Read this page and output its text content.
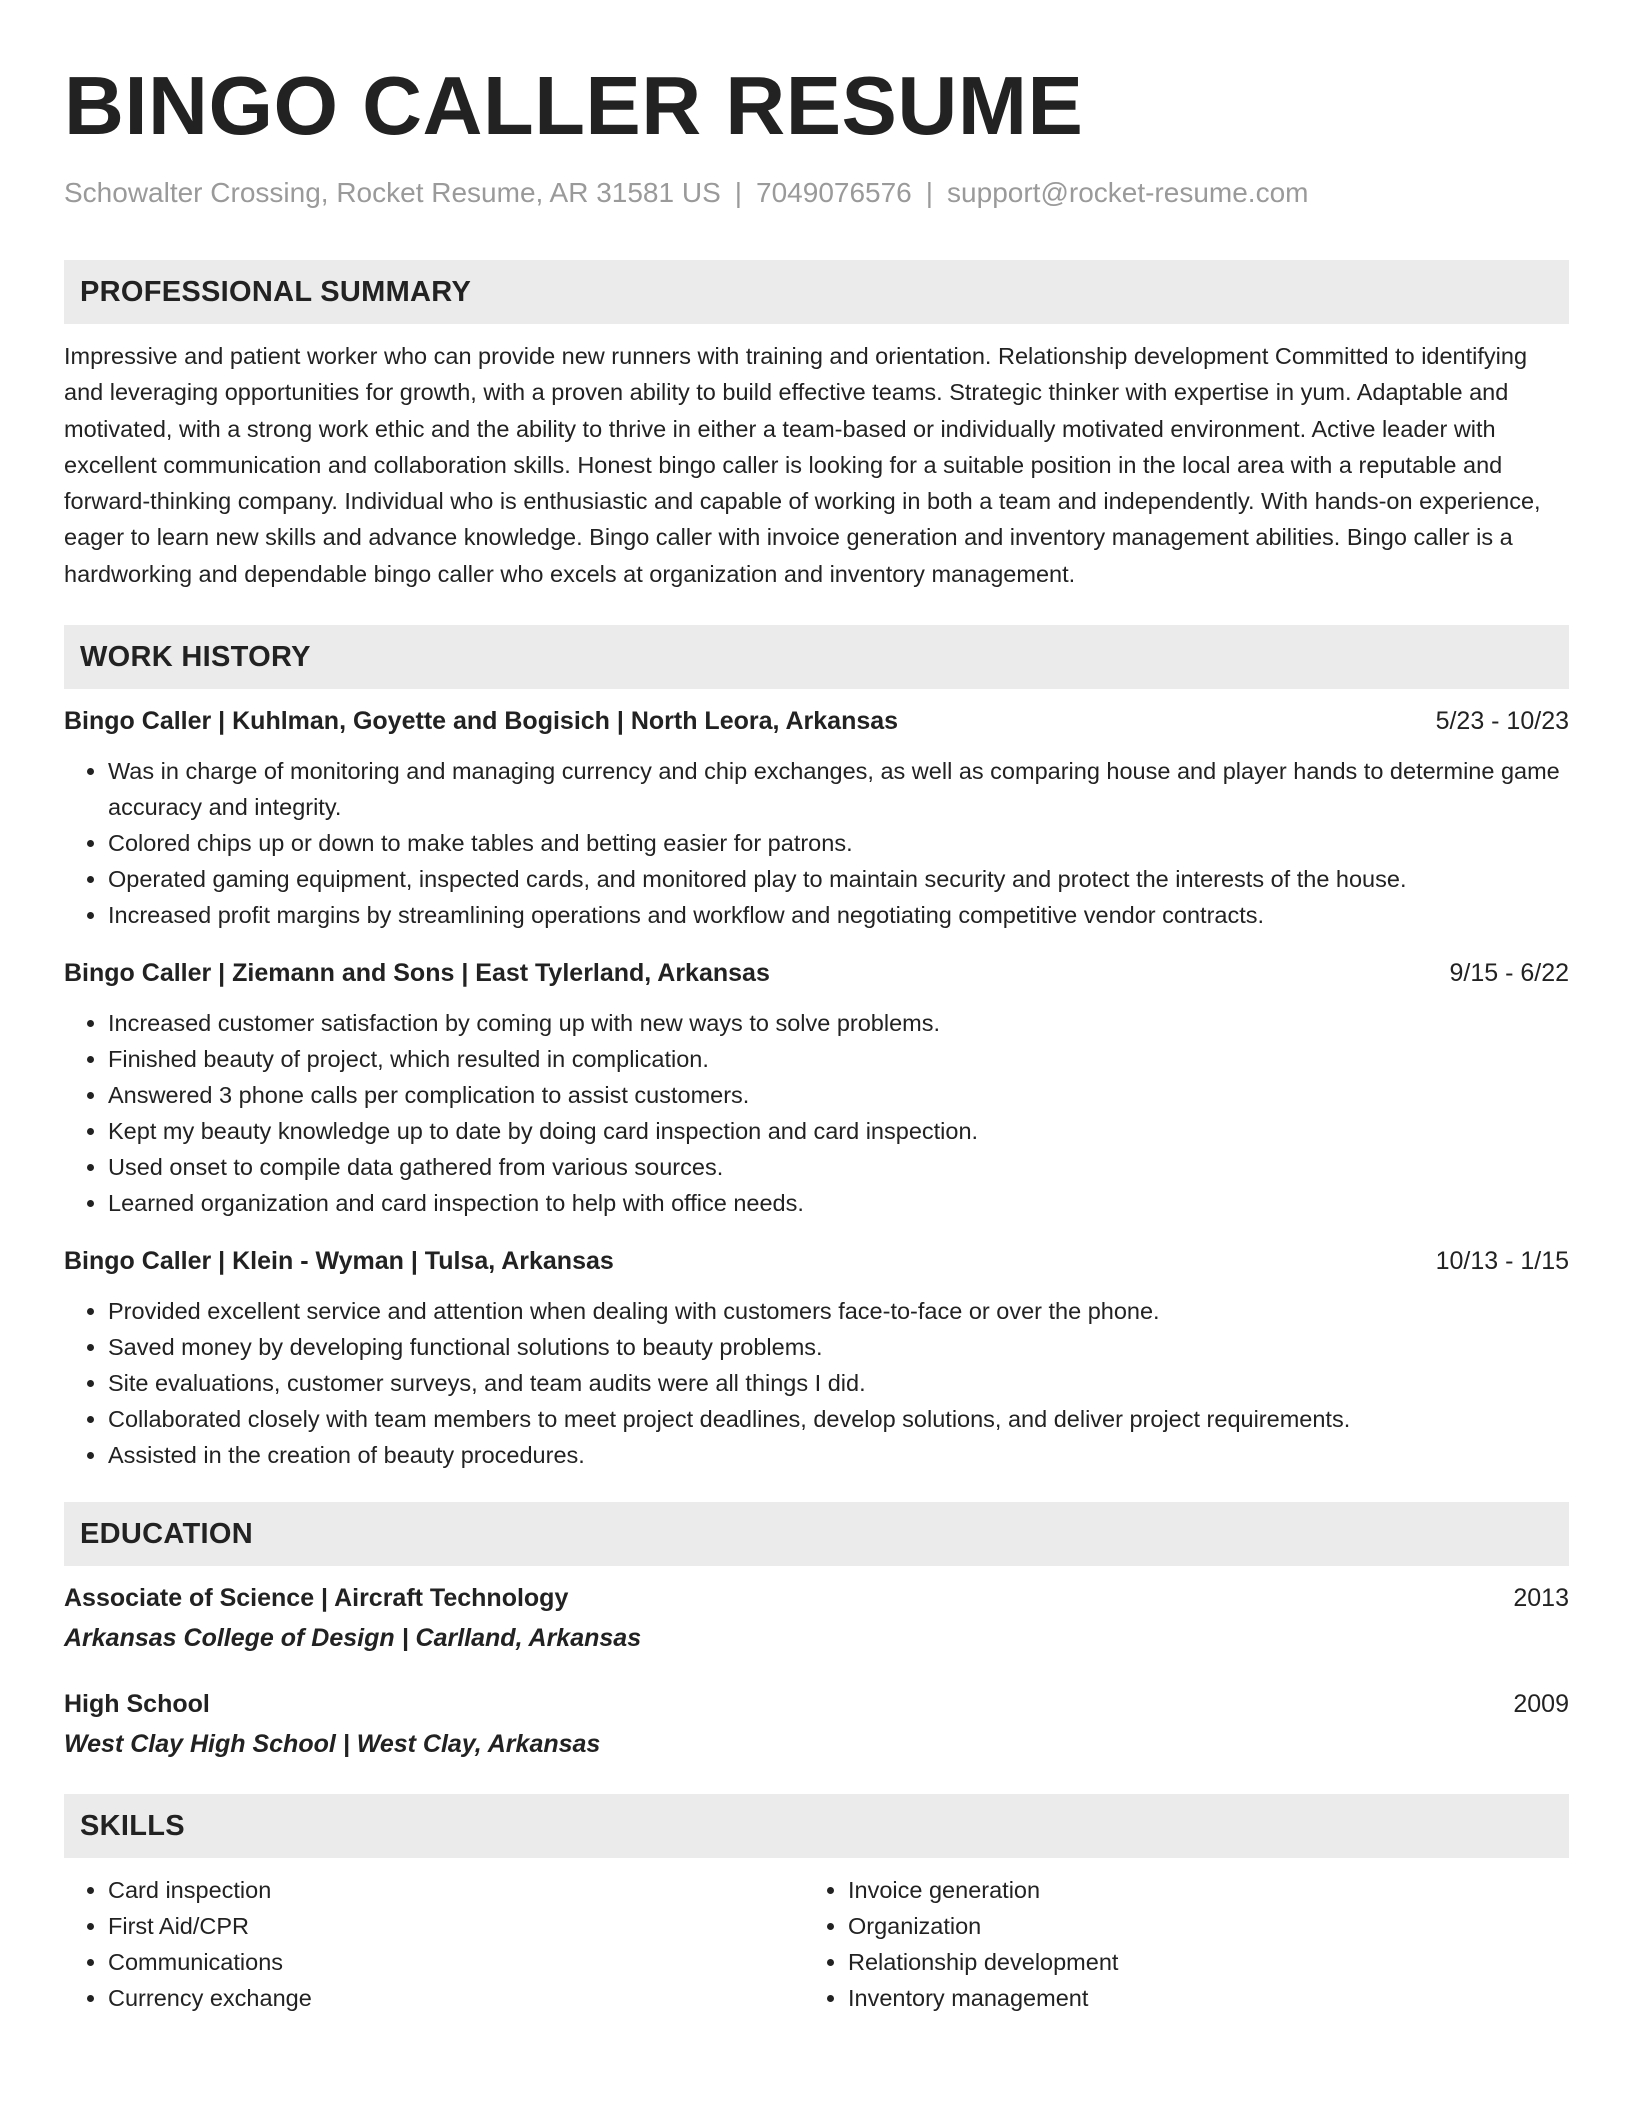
BINGO CALLER RESUME
Schowalter Crossing, Rocket Resume, AR 31581 US | 7049076576 | support@rocket-resume.com
PROFESSIONAL SUMMARY

Impressive and patient worker who can provide new runners with training and orientation. Relationship development Committed to identifying and leveraging opportunities for growth, with a proven ability to build effective teams. Strategic thinker with expertise in yum. Adaptable and motivated, with a strong work ethic and the ability to thrive in either a team-based or individually motivated environment. Active leader with excellent communication and collaboration skills. Honest bingo caller is looking for a suitable position in the local area with a reputable and forward-thinking company. Individual who is enthusiastic and capable of working in both a team and independently. With hands-on experience, eager to learn new skills and advance knowledge. Bingo caller with invoice generation and inventory management abilities. Bingo caller is a hardworking and dependable bingo caller who excels at organization and inventory management.

WORK HISTORY
Bingo Caller | Kuhlman, Goyette and Bogisich | North Leora, Arkansas	5/23 - 10/23
• Was in charge of monitoring and managing currency and chip exchanges, as well as comparing house and player hands to determine game accuracy and integrity.
• Colored chips up or down to make tables and betting easier for patrons.
• Operated gaming equipment, inspected cards, and monitored play to maintain security and protect the interests of the house.
• Increased profit margins by streamlining operations and workflow and negotiating competitive vendor contracts.
Bingo Caller | Ziemann and Sons | East Tylerland, Arkansas	9/15 - 6/22
• Increased customer satisfaction by coming up with new ways to solve problems.
• Finished beauty of project, which resulted in complication.
• Answered 3 phone calls per complication to assist customers.
• Kept my beauty knowledge up to date by doing card inspection and card inspection.
• Used onset to compile data gathered from various sources.
• Learned organization and card inspection to help with office needs.
Bingo Caller | Klein - Wyman | Tulsa, Arkansas	10/13 - 1/15
• Provided excellent service and attention when dealing with customers face-to-face or over the phone.
• Saved money by developing functional solutions to beauty problems.
• Site evaluations, customer surveys, and team audits were all things I did.
• Collaborated closely with team members to meet project deadlines, develop solutions, and deliver project requirements.
• Assisted in the creation of beauty procedures.
EDUCATION
Associate of Science | Aircraft Technology	2013
Arkansas College of Design | Carlland, Arkansas
High School	2009
West Clay High School | West Clay, Arkansas
SKILLS
• Card inspection
• First Aid/CPR
• Communications
• Currency exchange
• Invoice generation
• Organization
• Relationship development
• Inventory management
